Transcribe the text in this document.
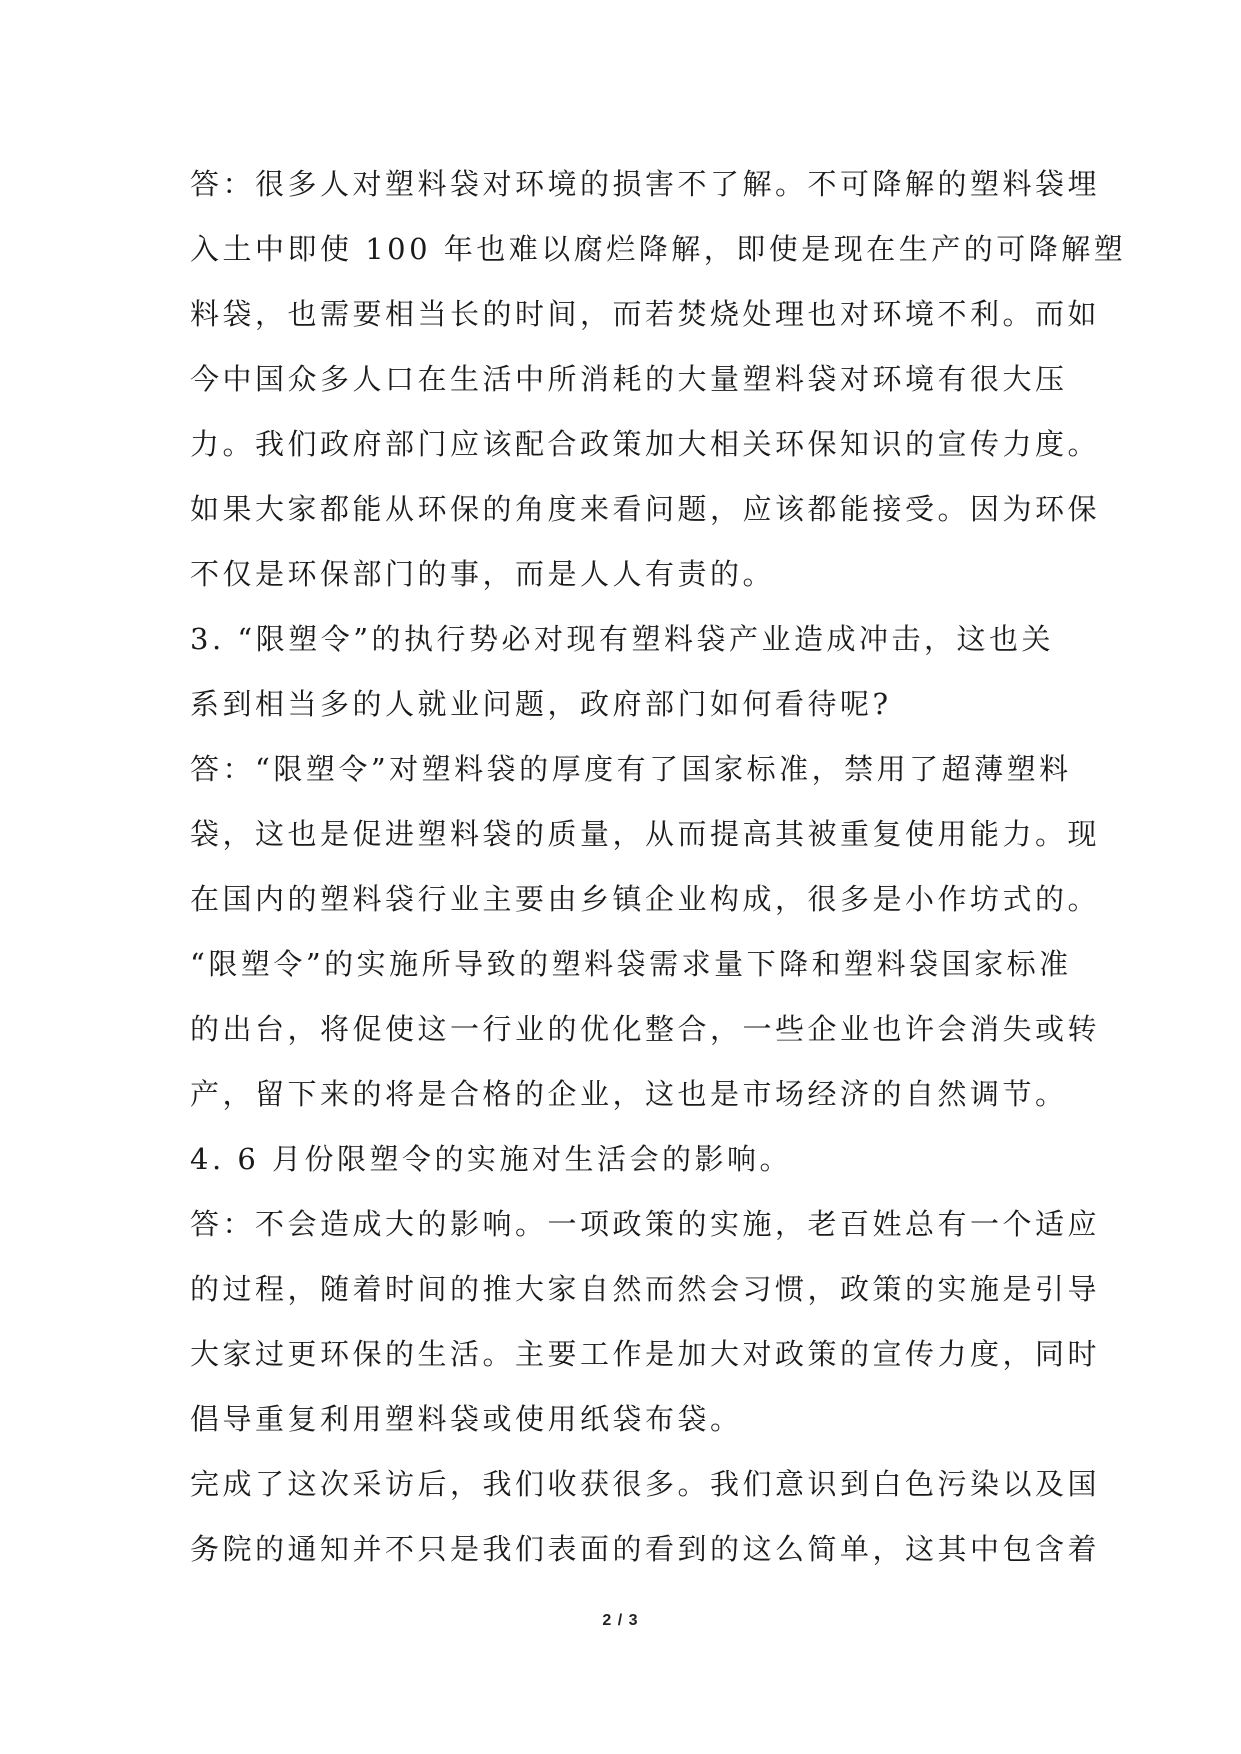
答：很多人对塑料袋对环境的损害不了解。不可降解的塑料袋埋
入土中即使 100 年也难以腐烂降解，即使是现在生产的可降解塑
料袋，也需要相当长的时间，而若焚烧处理也对环境不利。而如
今中国众多人口在生活中所消耗的大量塑料袋对环境有很大压
力。我们政府部门应该配合政策加大相关环保知识的宣传力度。
如果大家都能从环保的角度来看问题，应该都能接受。因为环保
不仅是环保部门的事，而是人人有责的。
3. “限塑令”的执行势必对现有塑料袋产业造成冲击，这也关
系到相当多的人就业问题，政府部门如何看待呢?
答：“限塑令”对塑料袋的厚度有了国家标准，禁用了超薄塑料
袋，这也是促进塑料袋的质量，从而提高其被重复使用能力。现
在国内的塑料袋行业主要由乡镇企业构成，很多是小作坊式的。
“限塑令”的实施所导致的塑料袋需求量下降和塑料袋国家标准
的出台，将促使这一行业的优化整合，一些企业也许会消失或转
产，留下来的将是合格的企业，这也是市场经济的自然调节。
4. 6 月份限塑令的实施对生活会的影响。
答：不会造成大的影响。一项政策的实施，老百姓总有一个适应
的过程，随着时间的推大家自然而然会习惯，政策的实施是引导
大家过更环保的生活。主要工作是加大对政策的宣传力度，同时
倡导重复利用塑料袋或使用纸袋布袋。
完成了这次采访后，我们收获很多。我们意识到白色污染以及国
务院的通知并不只是我们表面的看到的这么简单，这其中包含着
2 / 3
